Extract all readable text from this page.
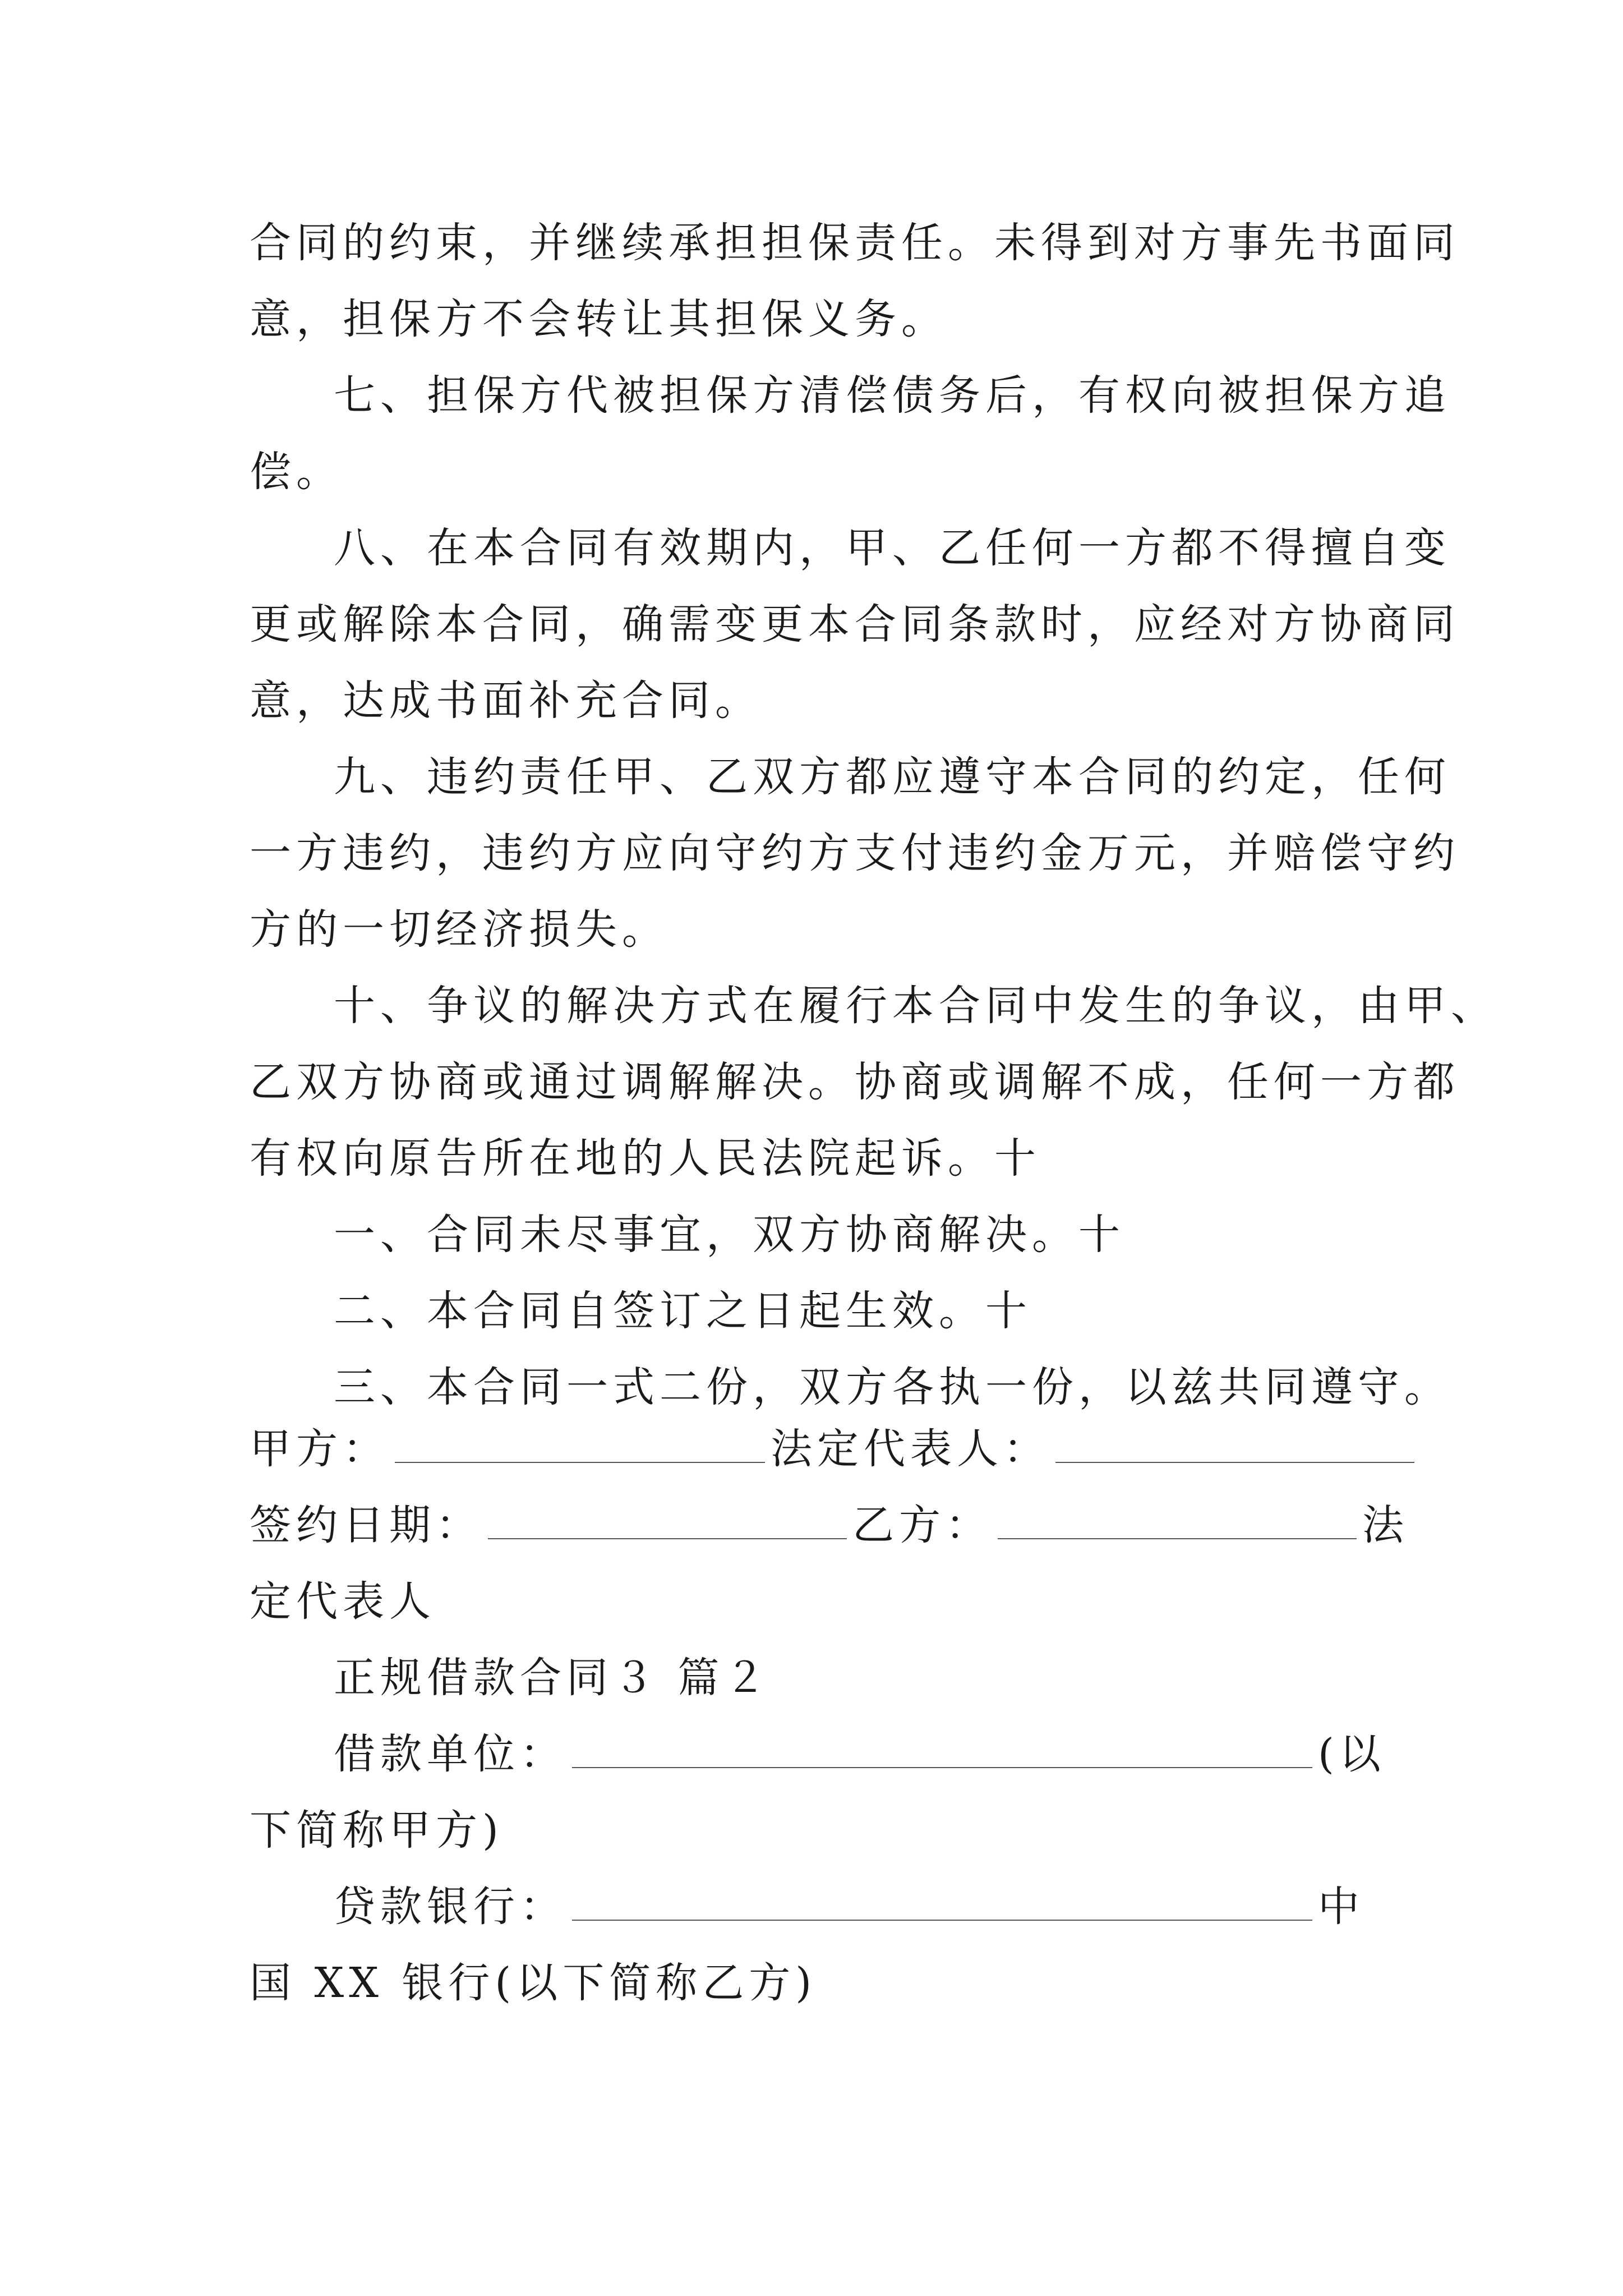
合同的约束，并继续承担担保责任。未得到对方事先书面同
意，担保方不会转让其担保义务。
七、担保方代被担保方清偿债务后，有权向被担保方追
偿。
八、在本合同有效期内，甲、乙任何一方都不得擅自变
更或解除本合同，确需变更本合同条款时，应经对方协商同
意，达成书面补充合同。
九、违约责任甲、乙双方都应遵守本合同的约定，任何
一方违约，违约方应向守约方支付违约金万元，并赔偿守约
方的一切经济损失。
十、争议的解决方式在履行本合同中发生的争议，由甲、
乙双方协商或通过调解解决。协商或调解不成，任何一方都
有权向原告所在地的人民法院起诉。十
一、合同未尽事宜，双方协商解决。十
二、本合同自签订之日起生效。十
三、本合同一式二份，双方各执一份，以兹共同遵守。
甲方：	法定代表人：
签约日期：	乙方：	法
定代表人
正规借款合同３ 篇２
借款单位：	(以
下简称甲方)
贷款银行：	中
国 XX 银行(以下简称乙方)
